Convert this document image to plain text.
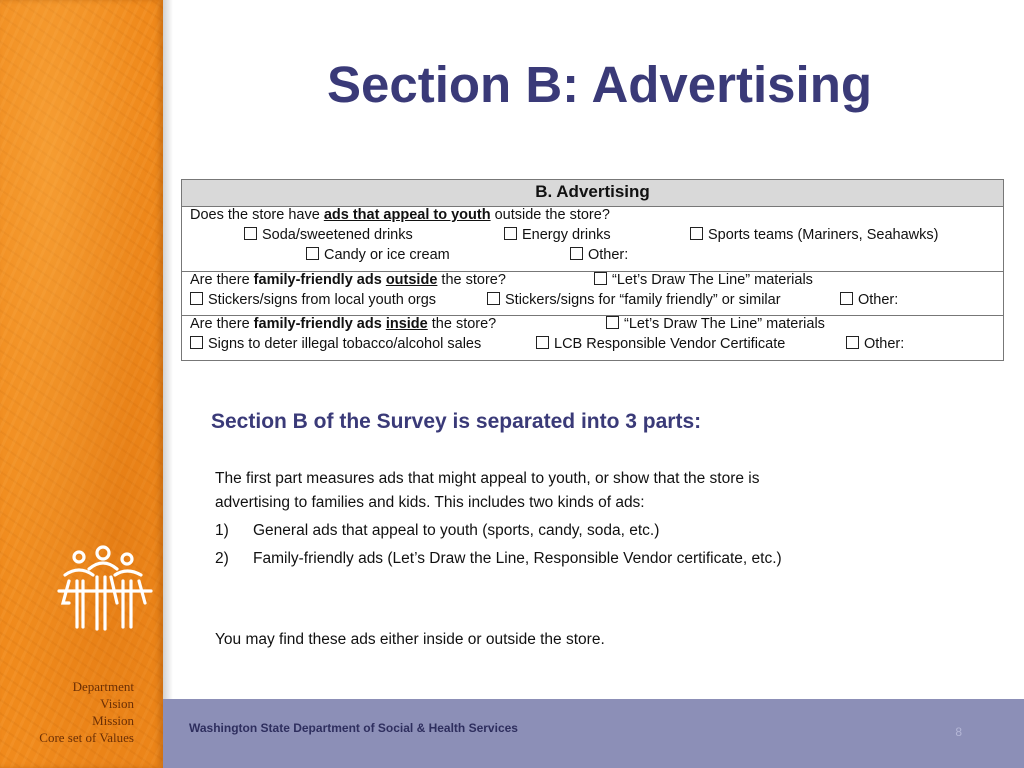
Department
Vision
Mission
Core set of Values
Section B: Advertising
B. Advertising

Does the store have ads that appeal to youth outside the store?
Soda/sweetened drinks	Energy drinks	Sports teams (Mariners, Seahawks)
Candy or ice cream	Other:

Are there family-friendly ads outside the store?	“Let’s Draw The Line” materials
Stickers/signs from local youth orgs	Stickers/signs for “family friendly” or similar	Other:

Are there family-friendly ads inside the store?	“Let’s Draw The Line” materials
Signs to deter illegal tobacco/alcohol sales	LCB Responsible Vendor Certificate	Other:
Section B of the Survey is separated into 3 parts:
The first part measures ads that might appeal to youth, or show that the store is advertising to families and kids. This includes two kinds of ads:
1) General ads that appeal to youth (sports, candy, soda, etc.)
2) Family-friendly ads (Let’s Draw the Line, Responsible Vendor certificate, etc.)
You may find these ads either inside or outside the store.
Washington State Department of Social & Health Services	8
